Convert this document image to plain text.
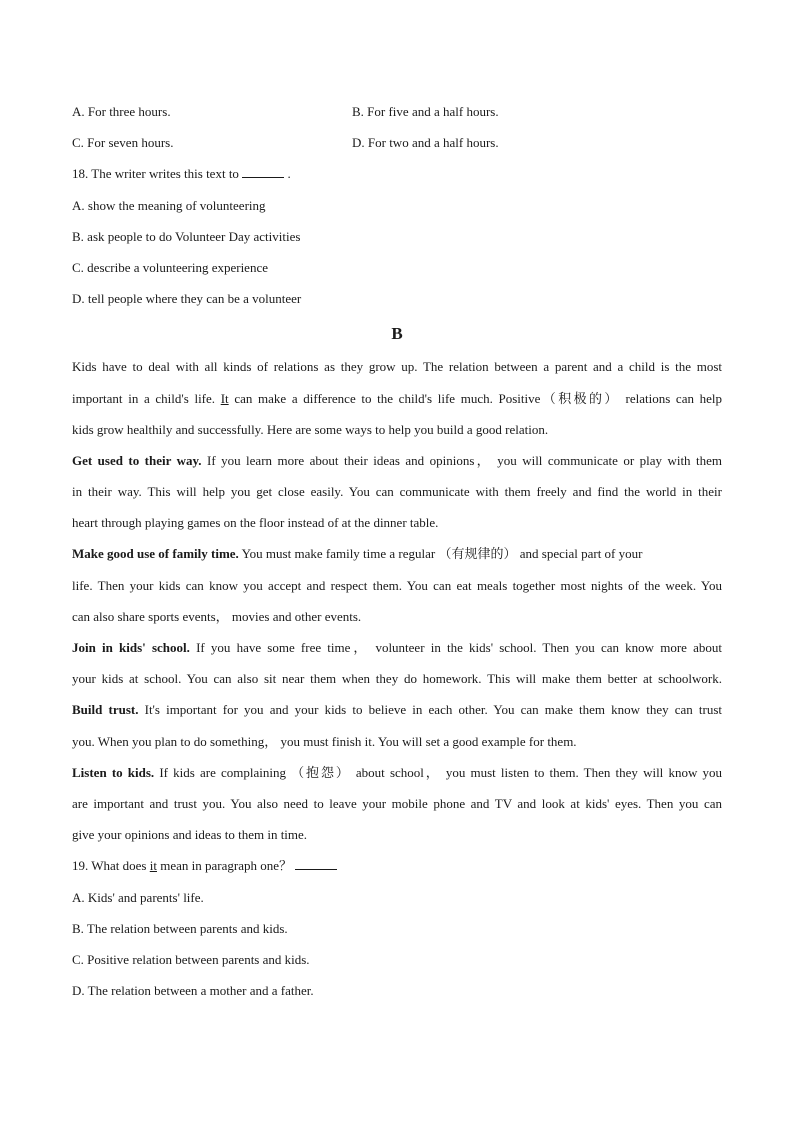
A. For three hours.	B. For five and a half hours.
C. For seven hours.	D. For two and a half hours.
18. The writer writes this text to	.
A. show the meaning of volunteering
B. ask people to do Volunteer Day activities
C. describe a volunteering experience
D. tell people where they can be a volunteer
B
Kids have to deal with all kinds of relations as they grow up. The relation between a parent and a child is the most
important in a child's life. It can make a difference to the child's life much. Positive（积极的） relations can help
kids grow healthily and successfully. Here are some ways to help you build a good relation.
Get used to their way. If you learn more about their ideas and opinions， you will communicate or play with them
in their way. This will help you get close easily. You can communicate with them freely and find the world in their
heart through playing games on the floor instead of at the dinner table.
Make good use of family time. You must make family time a regular （有规律的） and special part of your
life. Then your kids can know you accept and respect them. You can eat meals together most nights of the week. You
can also share sports events， movies and other events.
Join in kids' school. If you have some free time， volunteer in the kids' school. Then you can know more about
your kids at school. You can also sit near them when they do homework. This will make them better at schoolwork.
Build trust. It's important for you and your kids to believe in each other. You can make them know they can trust
you. When you plan to do something， you must finish it. You will set a good example for them.
Listen to kids. If kids are complaining （抱怨） about school， you must listen to them. Then they will know you
are important and trust you. You also need to leave your mobile phone and TV and look at kids' eyes. Then you can
give your opinions and ideas to them in time.
19. What does it mean in paragraph one？
A. Kids' and parents' life.
B. The relation between parents and kids.
C. Positive relation between parents and kids.
D. The relation between a mother and a father.
